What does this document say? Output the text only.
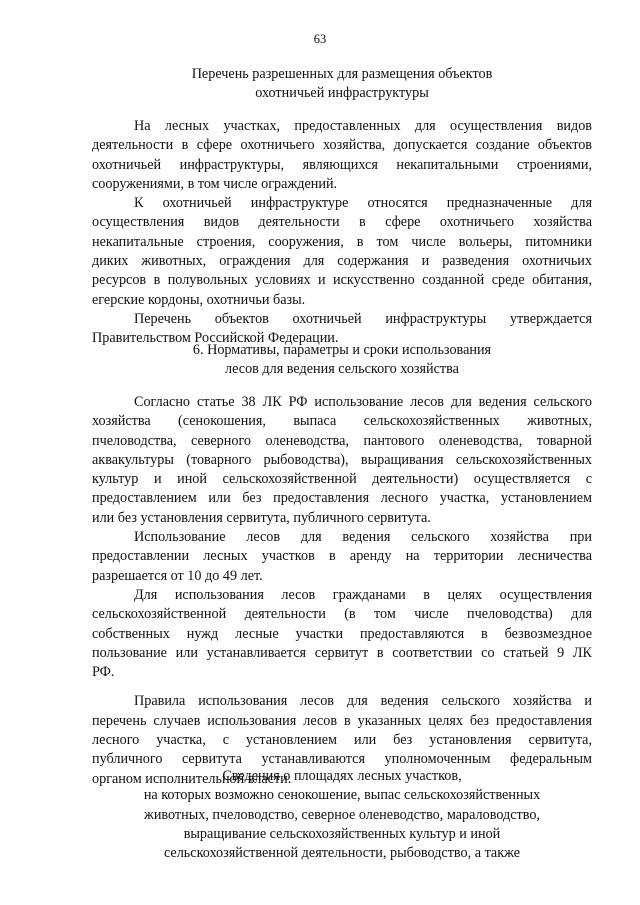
63
Перечень разрешенных для размещения объектов
охотничьей инфраструктуры

На лесных участках, предоставленных для осуществления видов
деятельности в сфере охотничьего хозяйства, допускается создание объектов
охотничьей инфраструктуры, являющихся некапитальными строениями,
сооружениями, в том числе ограждений.

К охотничьей инфраструктуре относятся предназначенные для
осуществления видов деятельности в сфере охотничьего хозяйства
некапитальные строения, сооружения, в том числе вольеры, питомники
диких животных, ограждения для содержания и разведения охотничьих
ресурсов в полувольных условиях и искусственно созданной среде обитания,
егерские кордоны, охотничьи базы.

Перечень объектов охотничьей инфраструктуры утверждается
Правительством Российской Федерации.

6. Нормативы, параметры и сроки использования
лесов для ведения сельского хозяйства

Согласно статье 38 ЛК РФ использование лесов для ведения сельского
хозяйства (сенокошения, выпаса сельскохозяйственных животных,
пчеловодства, северного оленеводства, пантового оленеводства, товарной
аквакультуры (товарного рыбоводства), выращивания сельскохозяйственных
культур и иной сельскохозяйственной деятельности) осуществляется с
предоставлением или без предоставления лесного участка, установлением
или без установления сервитута, публичного сервитута.

Использование лесов для ведения сельского хозяйства при
предоставлении лесных участков в аренду на территории лесничества
разрешается от 10 до 49 лет.

Для использования лесов гражданами в целях осуществления
сельскохозяйственной деятельности (в том числе пчеловодства) для
собственных нужд лесные участки предоставляются в безвозмездное
пользование или устанавливается сервитут в соответствии со статьей 9 ЛК
РФ.

Правила использования лесов для ведения сельского хозяйства и
перечень случаев использования лесов в указанных целях без предоставления
лесного участка, с установлением или без установления сервитута,
публичного сервитута устанавливаются уполномоченным федеральным
органом исполнительной власти.

Сведения о площадях лесных участков,
на которых возможно сенокошение, выпас сельскохозяйственных
животных, пчеловодство, северное оленеводство, мараловодство,
выращивание сельскохозяйственных культур и иной
сельскохозяйственной деятельности, рыбоводство, а также
